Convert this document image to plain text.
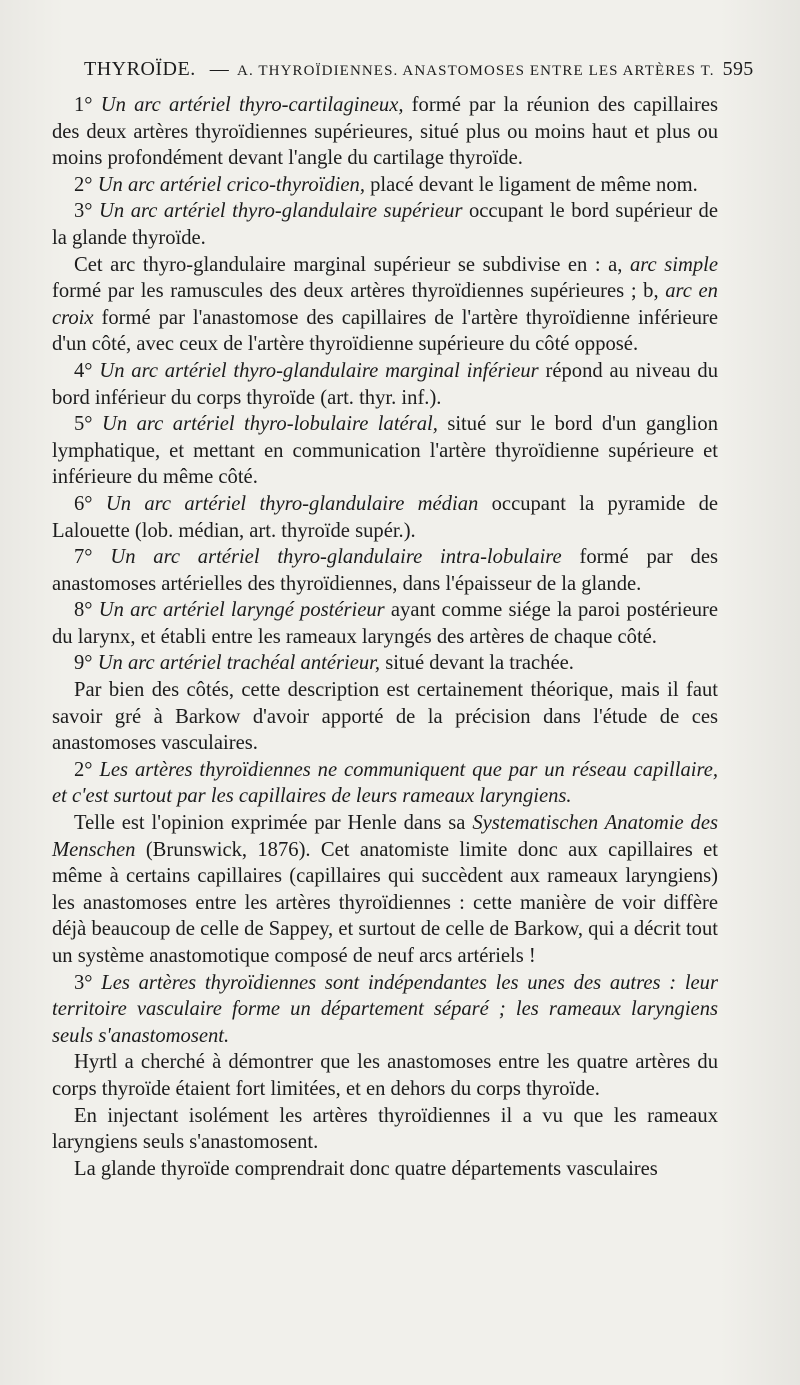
THYROÏDE. — A. THYROÏDIENNES. ANASTOMOSES ENTRE LES ARTÈRES T. 595

1° Un arc artériel thyro-cartilagineux, formé par la réunion des capillaires des deux artères thyroïdiennes supérieures, situé plus ou moins haut et plus ou moins profondément devant l'angle du cartilage thyroïde.

2° Un arc artériel crico-thyroïdien, placé devant le ligament de même nom.

3° Un arc artériel thyro-glandulaire supérieur occupant le bord supérieur de la glande thyroïde.

Cet arc thyro-glandulaire marginal supérieur se subdivise en : a, arc simple formé par les ramuscules des deux artères thyroïdiennes supérieures ; b, arc en croix formé par l'anastomose des capillaires de l'artère thyroïdienne inférieure d'un côté, avec ceux de l'artère thyroïdienne supérieure du côté opposé.

4° Un arc artériel thyro-glandulaire marginal inférieur répond au niveau du bord inférieur du corps thyroïde (art. thyr. inf.).

5° Un arc artériel thyro-lobulaire latéral, situé sur le bord d'un ganglion lymphatique, et mettant en communication l'artère thyroïdienne supérieure et inférieure du même côté.

6° Un arc artériel thyro-glandulaire médian occupant la pyramide de Lalouette (lob. médian, art. thyroïde supér.).

7° Un arc artériel thyro-glandulaire intra-lobulaire formé par des anastomoses artérielles des thyroïdiennes, dans l'épaisseur de la glande.

8° Un arc artériel laryngé postérieur ayant comme siége la paroi postérieure du larynx, et établi entre les rameaux laryngés des artères de chaque côté.

9° Un arc artériel trachéal antérieur, situé devant la trachée.

Par bien des côtés, cette description est certainement théorique, mais il faut savoir gré à Barkow d'avoir apporté de la précision dans l'étude de ces anastomoses vasculaires.

2° Les artères thyroïdiennes ne communiquent que par un réseau capillaire, et c'est surtout par les capillaires de leurs rameaux laryngiens.

Telle est l'opinion exprimée par Henle dans sa Systematischen Anatomie des Menschen (Brunswick, 1876). Cet anatomiste limite donc aux capillaires et même à certains capillaires (capillaires qui succèdent aux rameaux laryngiens) les anastomoses entre les artères thyroïdiennes : cette manière de voir diffère déjà beaucoup de celle de Sappey, et surtout de celle de Barkow, qui a décrit tout un système anastomotique composé de neuf arcs artériels !

3° Les artères thyroïdiennes sont indépendantes les unes des autres : leur territoire vasculaire forme un département séparé ; les rameaux laryngiens seuls s'anastomosent.

Hyrtl a cherché à démontrer que les anastomoses entre les quatre artères du corps thyroïde étaient fort limitées, et en dehors du corps thyroïde.

En injectant isolément les artères thyroïdiennes il a vu que les rameaux laryngiens seuls s'anastomosent.

La glande thyroïde comprendrait donc quatre départements vasculaires
